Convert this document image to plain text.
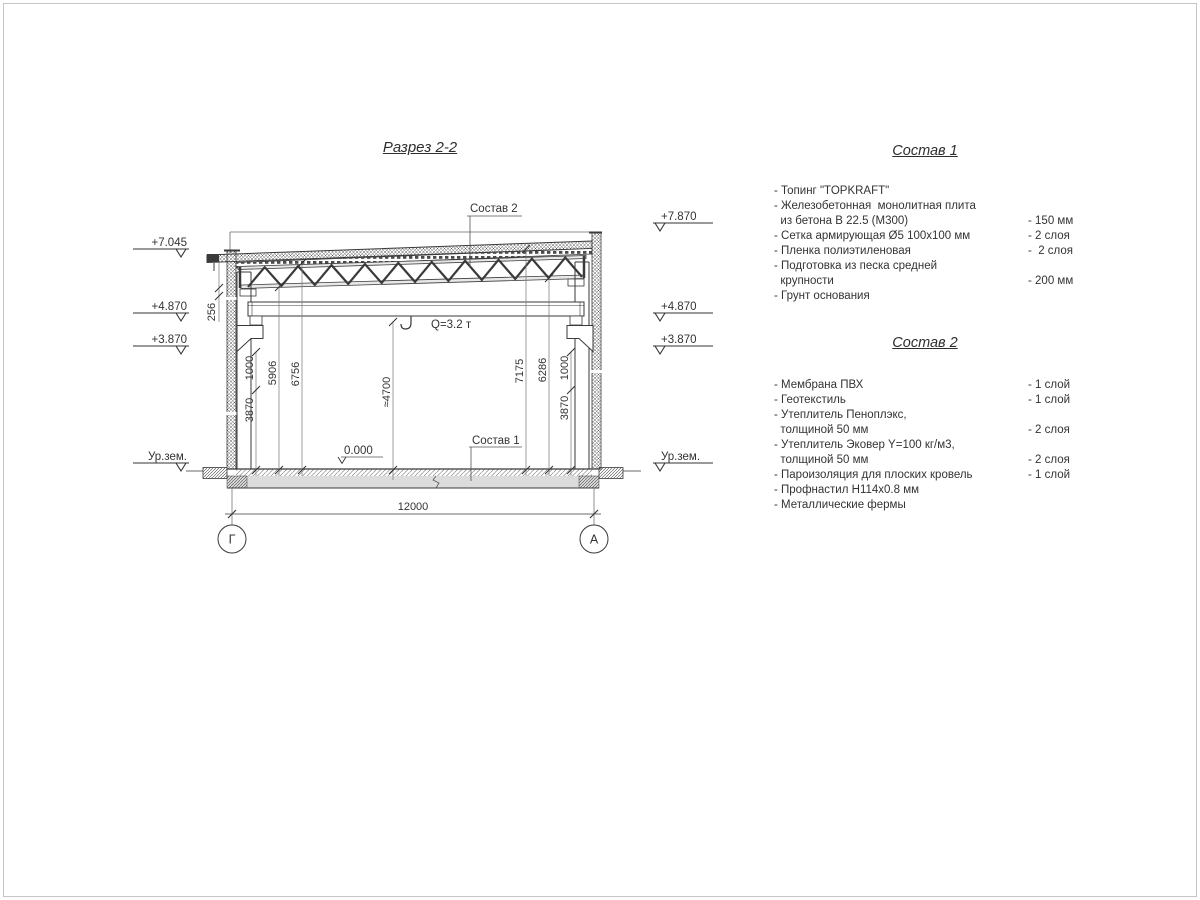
Разрез 2-2
Q=3.2 т
256
3870
1000 5906 6756
≈4700
7175 6286 1000
3870
+7.045
+4.870
+3.870
Ур.зем.
+7.870
+4.870
+3.870
Ур.зем.
Состав 2
Состав 1
0.000
12000
Г	А
Состав 1
- Топинг "TOPKRAFT"
- Железобетонная  монолитная плита
из бетона В 22.5 (М300)	- 150 мм
- Сетка армирующая Ø5 100x100 мм	- 2 слоя
- Пленка полиэтиленовая	-  2 слоя
- Подготовка из песка средней
крупности	- 200 мм
- Грунт основания
Состав 2
- Мембрана ПВХ	- 1 слой
- Геотекстиль	- 1 слой
- Утеплитель Пеноплэкс,
толщиной 50 мм	- 2 слоя
- Утеплитель Эковер Y=100 кг/м3,
толщиной 50 мм	- 2 слоя
- Пароизоляция для плоских кровель	- 1 слой
- Профнастил Н114х0.8 мм
- Металлические фермы
